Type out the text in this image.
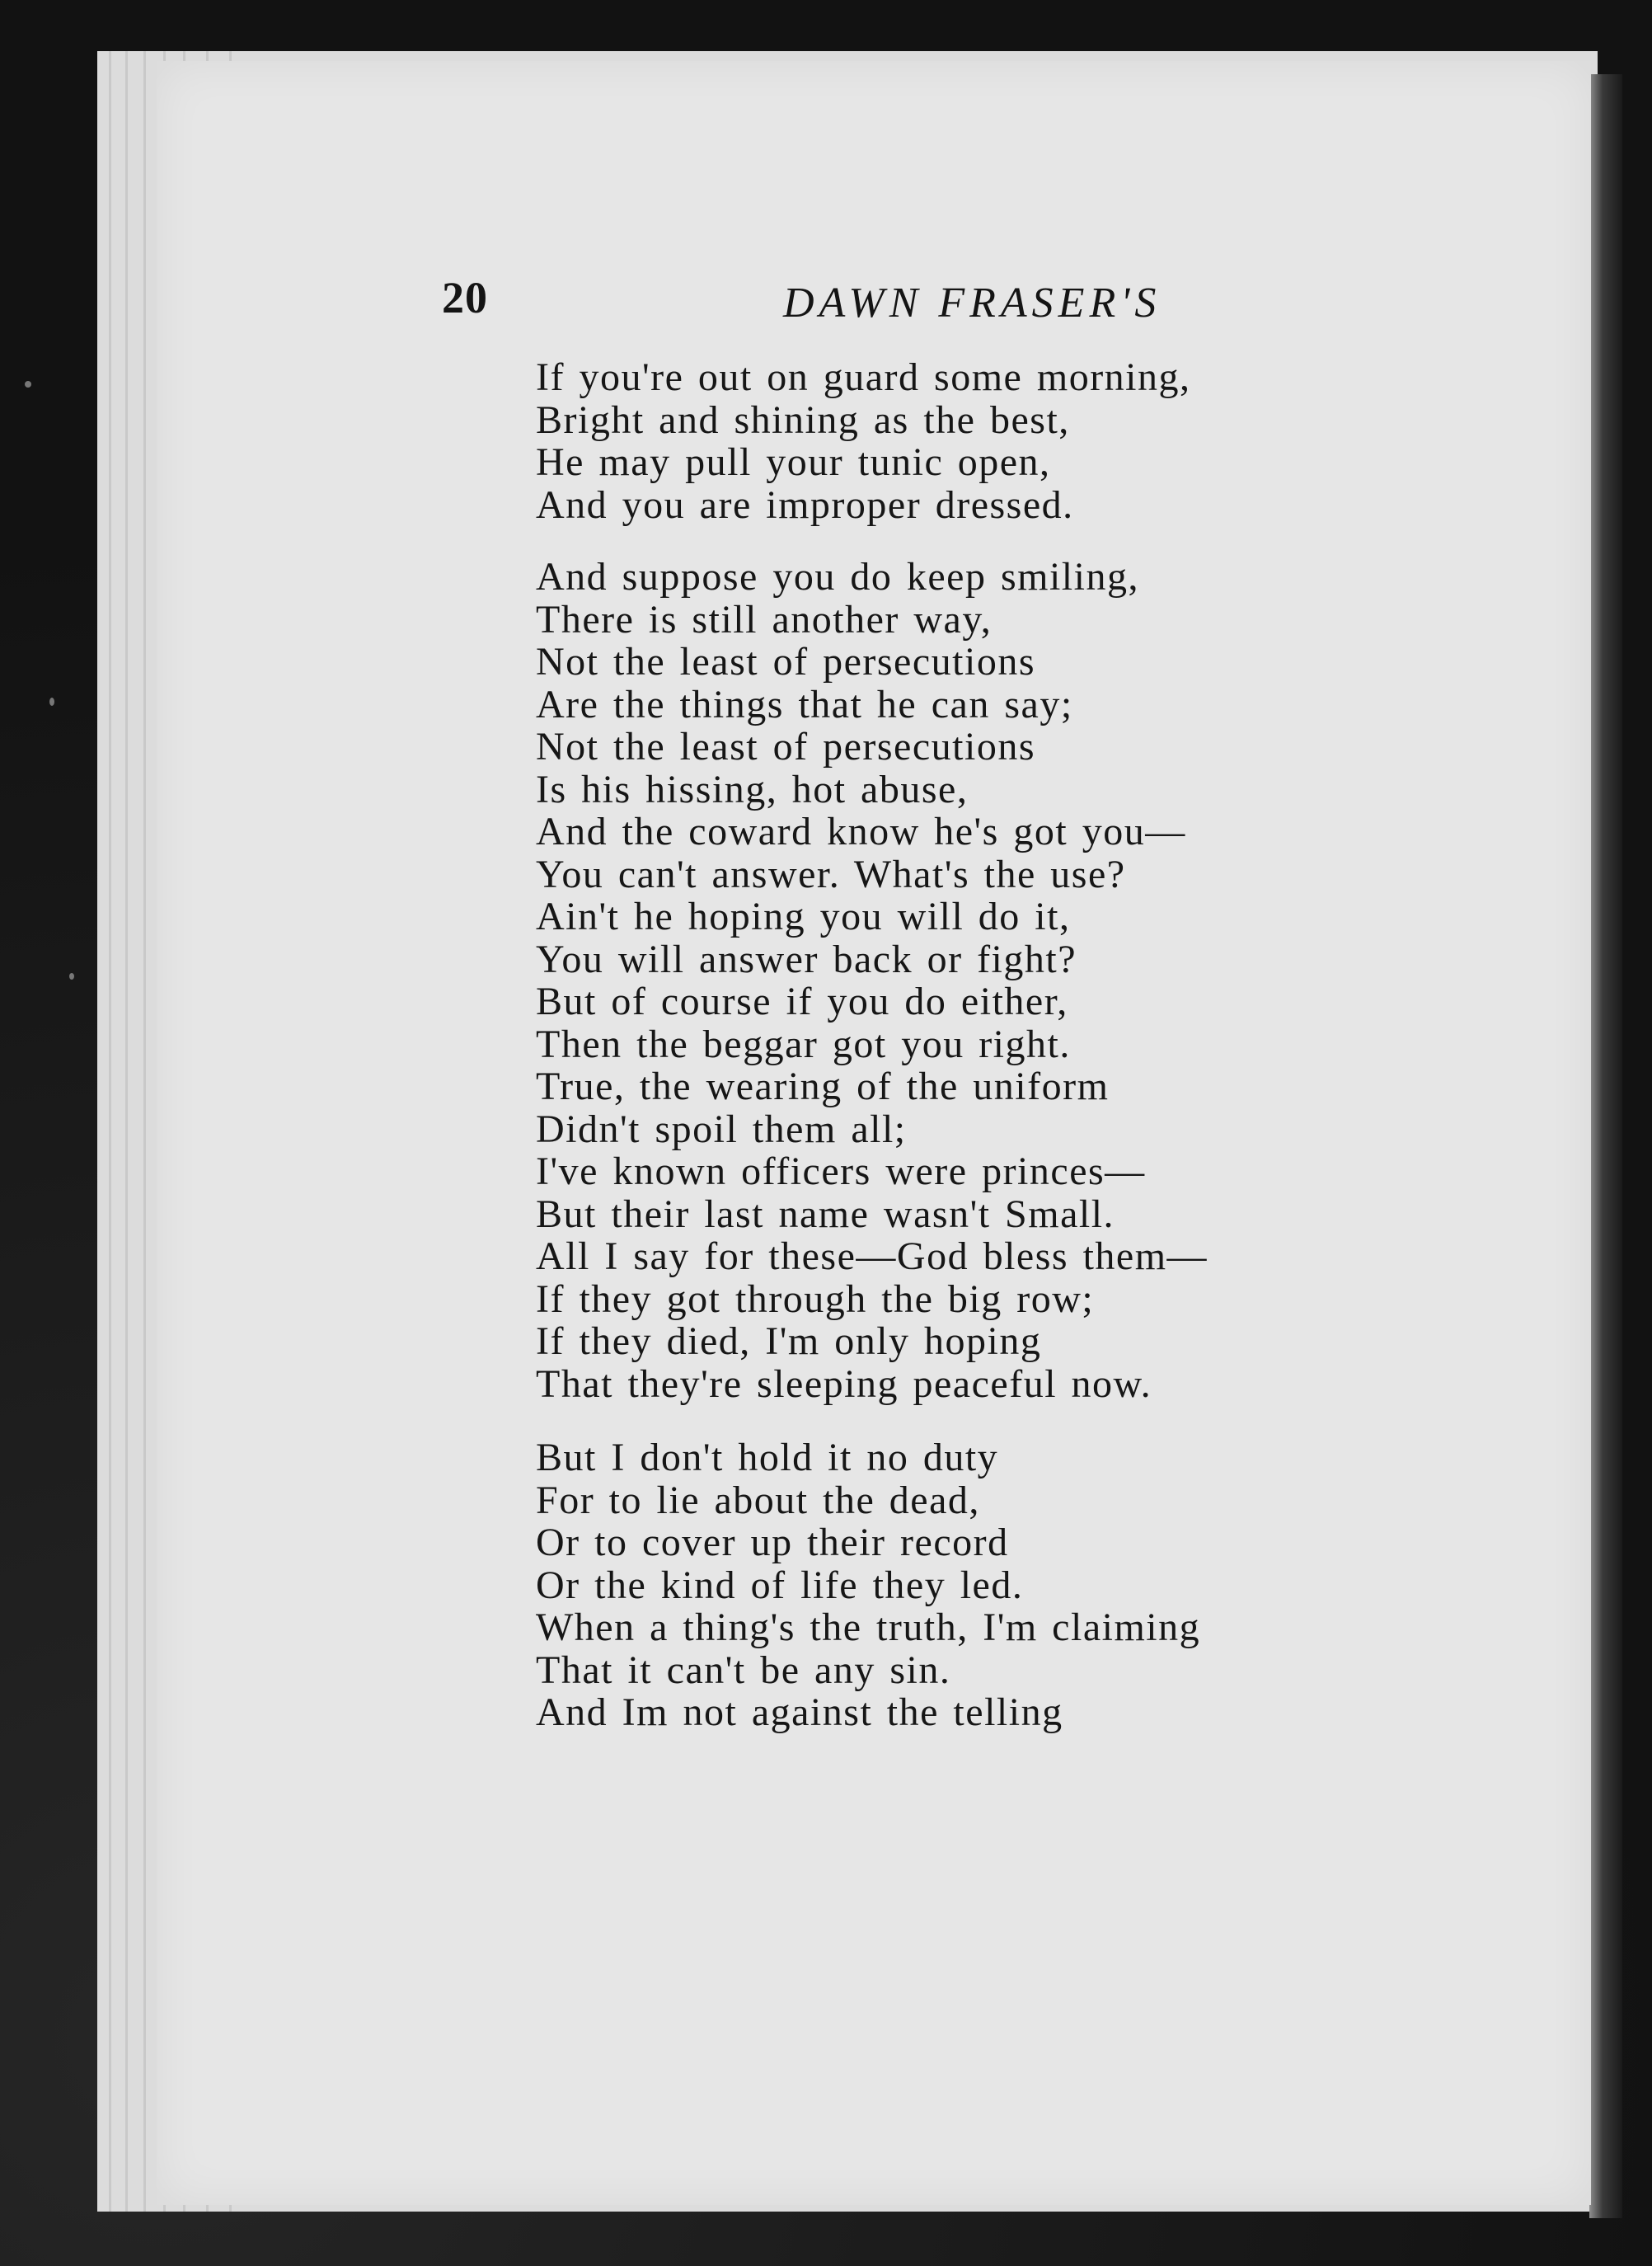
20	DAWN FRASER'S
If you're out on guard some morning,
Bright and shining as the best,
He may pull your tunic open,
And you are improper dressed.
And suppose you do keep smiling,
There is still another way,
Not the least of persecutions
Are the things that he can say;
Not the least of persecutions
Is his hissing, hot abuse,
And the coward know he's got you—
You can't answer. What's the use?
Ain't he hoping you will do it,
You will answer back or fight?
But of course if you do either,
Then the beggar got you right.
True, the wearing of the uniform
Didn't spoil them all;
I've known officers were princes—
But their last name wasn't Small.
All I say for these—God bless them—
If they got through the big row;
If they died, I'm only hoping
That they're sleeping peaceful now.
But I don't hold it no duty
For to lie about the dead,
Or to cover up their record
Or the kind of life they led.
When a thing's the truth, I'm claiming
That it can't be any sin.
And Im not against the telling
